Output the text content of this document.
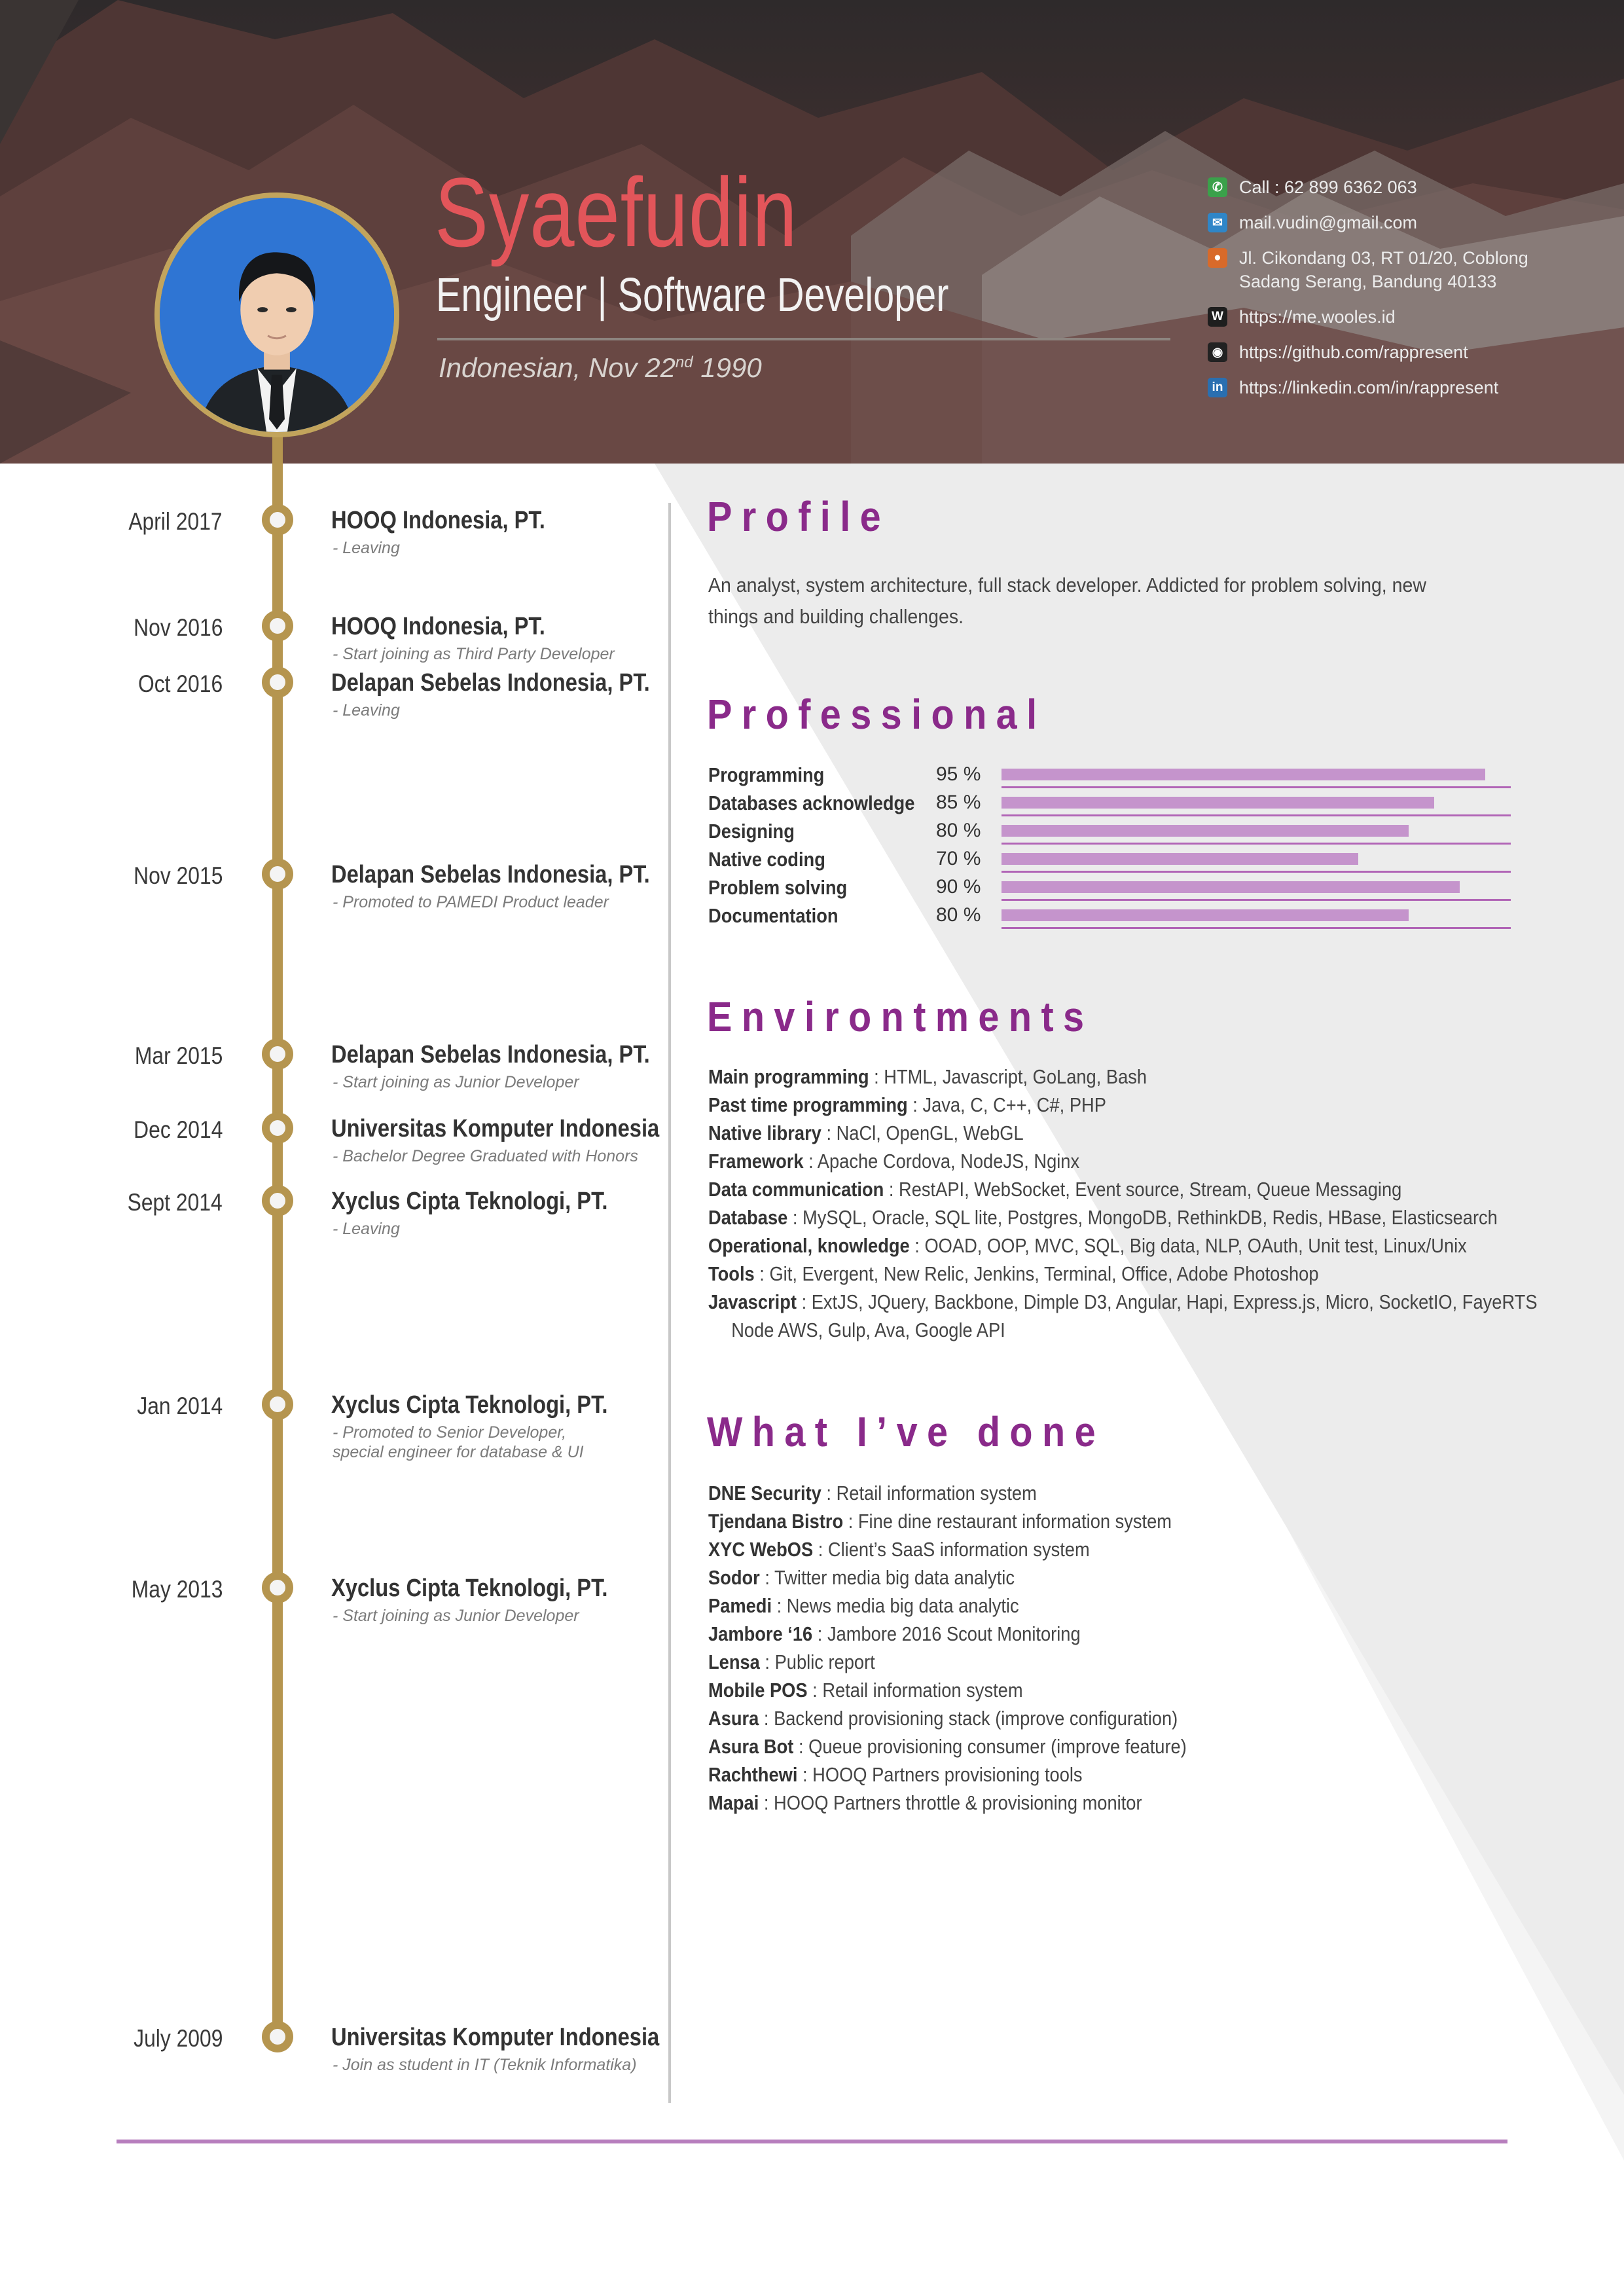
Syaefudin
Engineer | Software Developer
Indonesian, Nov 22nd 1990
✆ Call : 62 899 6362 063
✉ mail.vudin@gmail.com
●	Jl. Cikondang 03, RT 01/20, Coblong
Sadang Serang, Bandung 40133
W https://me.wooles.id
◉ https://github.com/rappresent
in https://linkedin.com/in/rappresent
April 2017	HOOQ Indonesia, PT.
- Leaving
Nov 2016	HOOQ Indonesia, PT.
- Start joining as Third Party Developer
Oct 2016	Delapan Sebelas Indonesia, PT.
- Leaving
Nov 2015	Delapan Sebelas Indonesia, PT.
- Promoted to PAMEDI Product leader
Mar 2015	Delapan Sebelas Indonesia, PT.
- Start joining as Junior Developer
Dec 2014	Universitas Komputer Indonesia
- Bachelor Degree Graduated with Honors
Sept 2014	Xyclus Cipta Teknologi, PT.
- Leaving
Jan 2014	Xyclus Cipta Teknologi, PT.
- Promoted to Senior Developer,
special engineer for database & UI
May 2013	Xyclus Cipta Teknologi, PT.
- Start joining as Junior Developer
July 2009	Universitas Komputer Indonesia
- Join as student in IT (Teknik Informatika)
Profile
An analyst, system architecture, full stack developer. Addicted for problem solving, new things and building challenges.
Professional
Programming	95 %
Databases acknowledge 85 %
Designing	80 %
Native coding	70 %
Problem solving	90 %
Documentation	80 %
Environtments
Main programming : HTML, Javascript, GoLang, Bash
Past time programming : Java, C, C++, C#, PHP
Native library : NaCl, OpenGL, WebGL
Framework : Apache Cordova, NodeJS, Nginx
Data communication : RestAPI, WebSocket, Event source, Stream, Queue Messaging
Database : MySQL, Oracle, SQL lite, Postgres, MongoDB, RethinkDB, Redis, HBase, Elasticsearch
Operational, knowledge : OOAD, OOP, MVC, SQL, Big data, NLP, OAuth, Unit test, Linux/Unix
Tools : Git, Evergent, New Relic, Jenkins, Terminal, Office, Adobe Photoshop
Javascript : ExtJS, JQuery, Backbone, Dimple D3, Angular, Hapi, Express.js, Micro, SocketIO, FayeRTS
Node AWS, Gulp, Ava, Google API
What I’ve done
DNE Security : Retail information system
Tjendana Bistro : Fine dine restaurant information system
XYC WebOS : Client’s SaaS information system
Sodor : Twitter media big data analytic
Pamedi : News media big data analytic
Jambore ‘16 : Jambore 2016 Scout Monitoring
Lensa : Public report
Mobile POS : Retail information system
Asura : Backend provisioning stack (improve configuration)
Asura Bot : Queue provisioning consumer (improve feature)
Rachthewi : HOOQ Partners provisioning tools
Mapai : HOOQ Partners throttle & provisioning monitor
